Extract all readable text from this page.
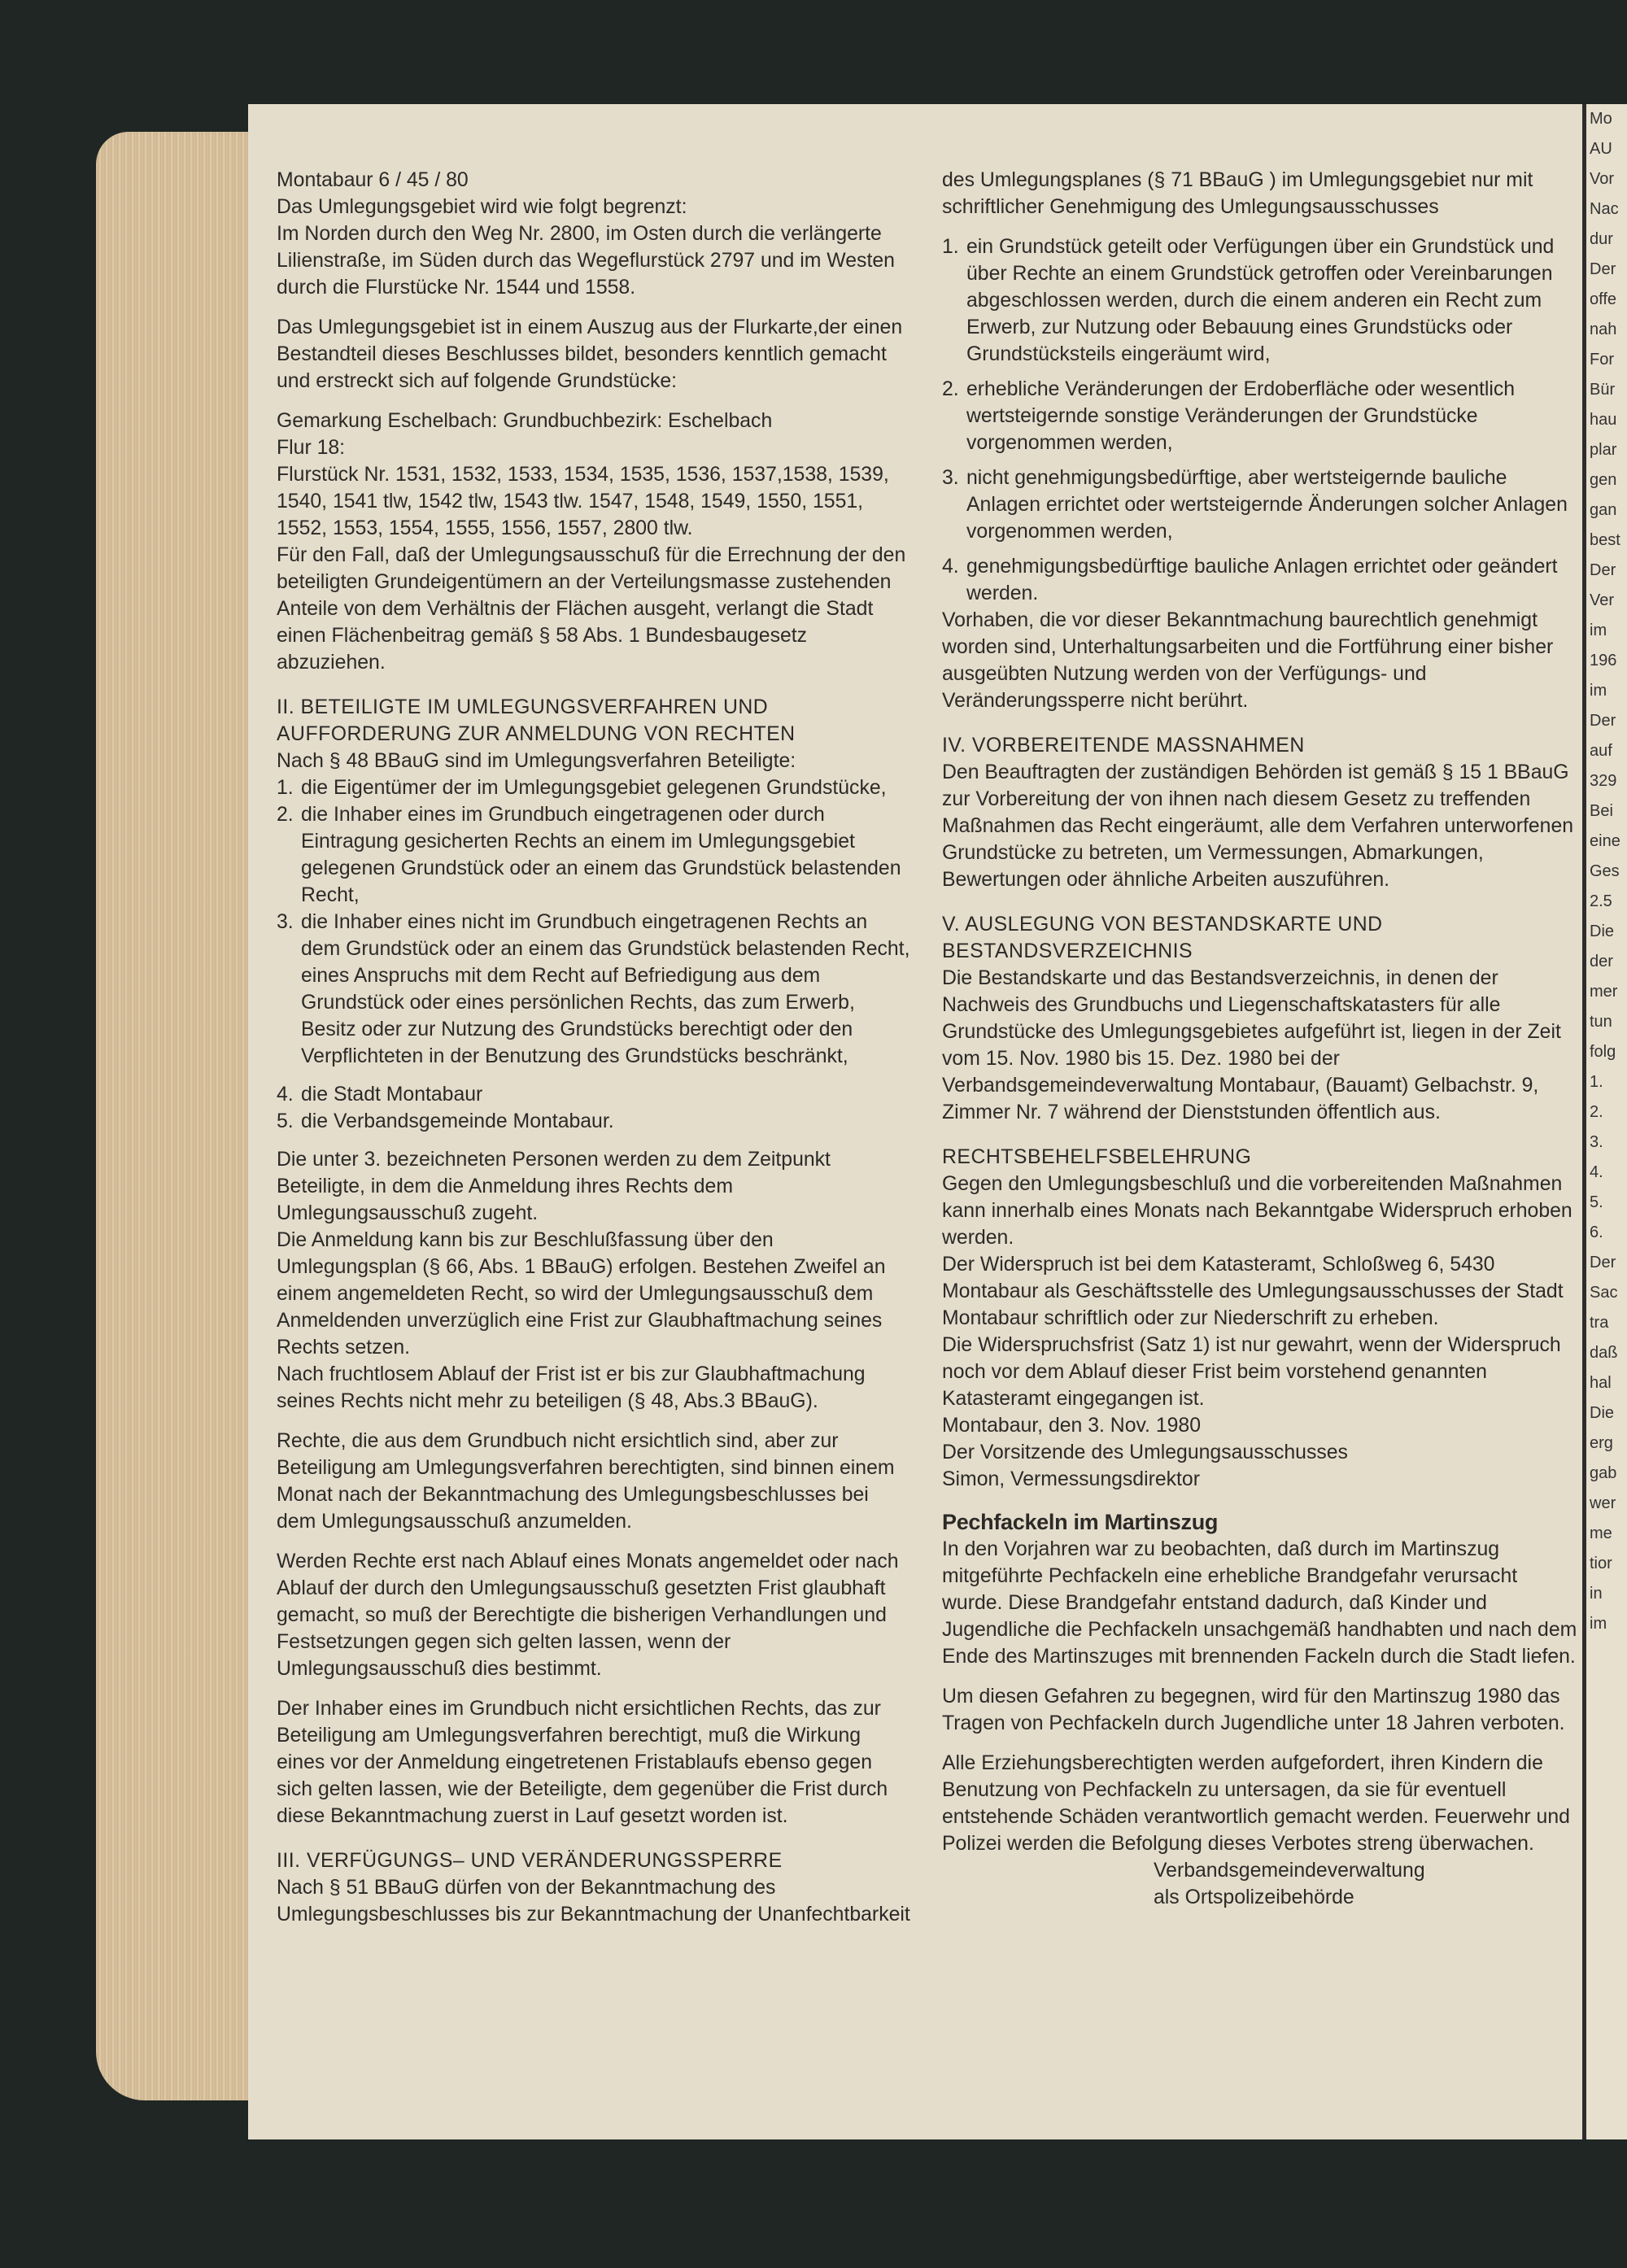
Mo
AU
Vor
Nac
dur
Der
offe
nah
For
Bür
hau
plar
gen
gan
best
Der
Ver
im
196
im
Der
auf
329
Bei
eine
Ges
2.5
Die
der
mer
tun
folg
1.
2.
3.
4.
5.
6.
Der
Sac
tra
daß
hal
Die
erg
gab
wer
me
tior
in
im
Montabaur 6 / 45 / 80
Das Umlegungsgebiet wird wie folgt begrenzt:

Im Norden durch den Weg Nr. 2800, im Osten durch die verlängerte Lilienstraße, im Süden durch das Wegeflurstück 2797 und im Westen durch die Flurstücke Nr. 1544 und 1558.

Das Umlegungsgebiet ist in einem Auszug aus der Flurkarte,der einen Bestandteil dieses Beschlusses bildet, besonders kenntlich gemacht und erstreckt sich auf folgende Grundstücke:

Gemarkung Eschelbach: Grundbuchbezirk: Eschelbach
Flur 18:
Flurstück Nr. 1531, 1532, 1533, 1534, 1535, 1536, 1537,1538, 1539, 1540, 1541 tlw, 1542 tlw, 1543 tlw. 1547, 1548, 1549, 1550, 1551, 1552, 1553, 1554, 1555, 1556, 1557, 2800 tlw.

Für den Fall, daß der Umlegungsausschuß für die Errechnung der den beteiligten Grundeigentümern an der Verteilungsmasse zustehenden Anteile von dem Verhältnis der Flächen ausgeht, verlangt die Stadt einen Flächenbeitrag gemäß § 58 Abs. 1 Bundesbaugesetz abzuziehen.

II. BETEILIGTE IM UMLEGUNGSVERFAHREN UND AUFFORDERUNG ZUR ANMELDUNG VON RECHTEN
Nach § 48 BBauG sind im Umlegungsverfahren Beteiligte:
1. die Eigentümer der im Umlegungsgebiet gelegenen Grundstücke,
2. die Inhaber eines im Grundbuch eingetragenen oder durch Eintragung gesicherten Rechts an einem im Umlegungsgebiet gelegenen Grundstück oder an einem das Grundstück belastenden Recht,
3. die Inhaber eines nicht im Grundbuch eingetragenen Rechts an dem Grundstück oder an einem das Grundstück belastenden Recht, eines Anspruchs mit dem Recht auf Befriedigung aus dem Grundstück oder eines persönlichen Rechts, das zum Erwerb, Besitz oder zur Nutzung des Grundstücks berechtigt oder den Verpflichteten in der Benutzung des Grundstücks beschränkt,
4. die Stadt Montabaur
5. die Verbandsgemeinde Montabaur.
Die unter 3. bezeichneten Personen werden zu dem Zeitpunkt Beteiligte, in dem die Anmeldung ihres Rechts dem Umlegungsausschuß zugeht.
Die Anmeldung kann bis zur Beschlußfassung über den Umlegungsplan (§ 66, Abs. 1 BBauG) erfolgen. Bestehen Zweifel an einem angemeldeten Recht, so wird der Umlegungsausschuß dem Anmeldenden unverzüglich eine Frist zur Glaubhaftmachung seines Rechts setzen.

Nach fruchtlosem Ablauf der Frist ist er bis zur Glaubhaftmachung seines Rechts nicht mehr zu beteiligen (§ 48, Abs.3 BBauG).

Rechte, die aus dem Grundbuch nicht ersichtlich sind, aber zur Beteiligung am Umlegungsverfahren berechtigten, sind binnen einem Monat nach der Bekanntmachung des Umlegungsbeschlusses bei dem Umlegungsausschuß anzumelden.

Werden Rechte erst nach Ablauf eines Monats angemeldet oder nach Ablauf der durch den Umlegungsausschuß gesetzten Frist glaubhaft gemacht, so muß der Berechtigte die bisherigen Verhandlungen und Festsetzungen gegen sich gelten lassen, wenn der Umlegungsausschuß dies bestimmt.

Der Inhaber eines im Grundbuch nicht ersichtlichen Rechts, das zur Beteiligung am Umlegungsverfahren berechtigt, muß die Wirkung eines vor der Anmeldung eingetretenen Fristablaufs ebenso gegen sich gelten lassen, wie der Beteiligte, dem gegenüber die Frist durch diese Bekanntmachung zuerst in Lauf gesetzt worden ist.

III. VERFÜGUNGS– UND VERÄNDERUNGSSPERRE
Nach § 51 BBauG dürfen von der Bekanntmachung des Umlegungsbeschlusses bis zur Bekanntmachung der Unanfechtbarkeit

des Umlegungsplanes (§ 71 BBauG ) im Umlegungsgebiet nur mit schriftlicher Genehmigung des Umlegungsausschusses

1. ein Grundstück geteilt oder Verfügungen über ein Grundstück und über Rechte an einem Grundstück getroffen oder Vereinbarungen abgeschlossen werden, durch die einem anderen ein Recht zum Erwerb, zur Nutzung oder Bebauung eines Grundstücks oder Grundstücksteils eingeräumt wird,
2. erhebliche Veränderungen der Erdoberfläche oder wesentlich wertsteigernde sonstige Veränderungen der Grundstücke vorgenommen werden,
3. nicht genehmigungsbedürftige, aber wertsteigernde bauliche Anlagen errichtet oder wertsteigernde Änderungen solcher Anlagen vorgenommen werden,
4. genehmigungsbedürftige bauliche Anlagen errichtet oder geändert werden.

Vorhaben, die vor dieser Bekanntmachung baurechtlich genehmigt worden sind, Unterhaltungsarbeiten und die Fortführung einer bisher ausgeübten Nutzung werden von der Verfügungs- und Veränderungssperre nicht berührt.

IV. VORBEREITENDE MASSNAHMEN

Den Beauftragten der zuständigen Behörden ist gemäß § 15 1 BBauG zur Vorbereitung der von ihnen nach diesem Gesetz zu treffenden Maßnahmen das Recht eingeräumt, alle dem Verfahren unterworfenen Grundstücke zu betreten, um Vermessungen, Abmarkungen, Bewertungen oder ähnliche Arbeiten auszuführen.

V. AUSLEGUNG VON BESTANDSKARTE UND BESTANDSVERZEICHNIS

Die Bestandskarte und das Bestandsverzeichnis, in denen der Nachweis des Grundbuchs und Liegenschaftskatasters für alle Grundstücke des Umlegungsgebietes aufgeführt ist, liegen in der Zeit vom 15. Nov. 1980 bis 15. Dez. 1980 bei der Verbandsgemeindeverwaltung Montabaur, (Bauamt) Gelbachstr. 9, Zimmer Nr. 7 während der Dienststunden öffentlich aus.

RECHTSBEHELFSBELEHRUNG
Gegen den Umlegungsbeschluß und die vorbereitenden Maßnahmen kann innerhalb eines Monats nach Bekanntgabe Widerspruch erhoben werden.
Der Widerspruch ist bei dem Katasteramt, Schloßweg 6, 5430 Montabaur als Geschäftsstelle des Umlegungsausschusses der Stadt Montabaur schriftlich oder zur Niederschrift zu erheben.
Die Widerspruchsfrist (Satz 1) ist nur gewahrt, wenn der Widerspruch noch vor dem Ablauf dieser Frist beim vorstehend genannten Katasteramt eingegangen ist.
Montabaur, den 3. Nov. 1980
Der Vorsitzende des Umlegungsausschusses
Simon, Vermessungsdirektor
Pechfackeln im Martinszug

In den Vorjahren war zu beobachten, daß durch im Martinszug mitgeführte Pechfackeln eine erhebliche Brandgefahr verursacht wurde. Diese Brandgefahr entstand dadurch, daß Kinder und Jugendliche die Pechfackeln unsachgemäß handhabten und nach dem Ende des Martinszuges mit brennenden Fackeln durch die Stadt liefen.

Um diesen Gefahren zu begegnen, wird für den Martinszug 1980 das Tragen von Pechfackeln durch Jugendliche unter 18 Jahren verboten.

Alle Erziehungsberechtigten werden aufgefordert, ihren Kindern die Benutzung von Pechfackeln zu untersagen, da sie für eventuell entstehende Schäden verantwortlich gemacht werden. Feuerwehr und Polizei werden die Befolgung dieses Verbotes streng überwachen.
Verbandsgemeindeverwaltung
als Ortspolizeibehörde
